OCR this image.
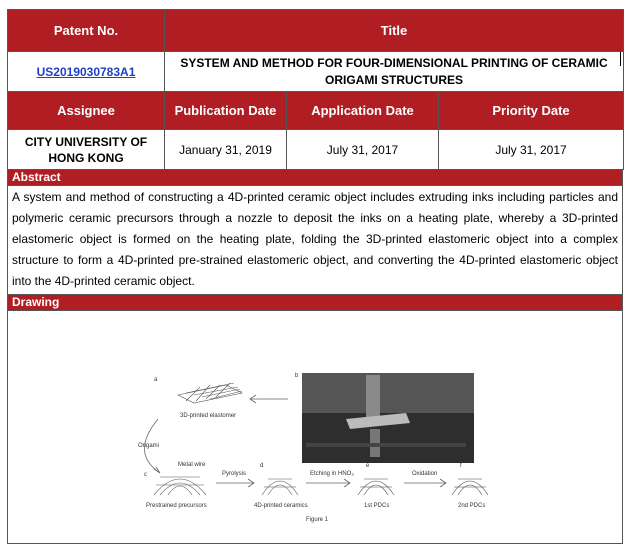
Patent No.	Title		
US2019030783A1	SYSTEM AND METHOD FOR FOUR-DIMENSIONAL PRINTING OF CERAMIC
ORIGAMI STRUCTURES		

Assignee	Publication Date	Application Date	Priority Date

CITY UNIVERSITY OF
HONG KONG	January 31, 2019	July 31, 2017	July 31, 2017
Abstract
A system and method of constructing a 4D-printed ceramic object includes extruding inks including particles and polymeric ceramic precursors through a nozzle to deposit the inks on a heating plate, whereby a 3D-printed elastomeric object is formed on the heating plate, folding the 3D-printed elastomeric object into a complex structure to form a 4D-printed pre-strained elastomeric object, and converting the 4D-printed elastomeric object into the 4D-printed ceramic object.
Drawing
a
3D-printed elastomer
b
Origami
c
Metal wire
Prestrained precursors
Pyrolysis
d
4D-printed ceramics
Etching in HNO₃
e
1st PDCs
Oxidation
f
2nd PDCs
Figure 1
